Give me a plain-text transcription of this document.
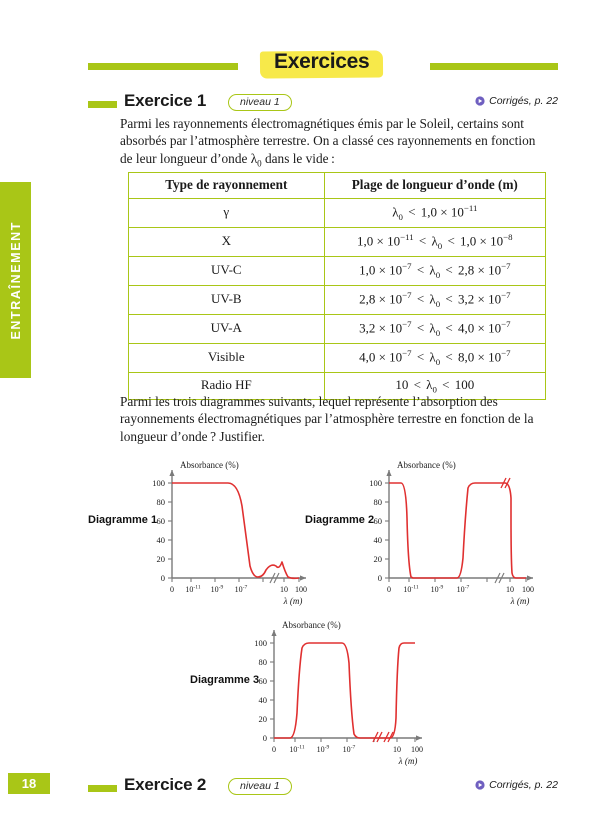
ENTRAÎNEMENT
18
Exercices
Exercice 1	niveau 1	Corrigés, p. 22
Parmi les rayonnements électromagnétiques émis par le Soleil, certains sont absorbés par l’atmosphère terrestre. On a classé ces rayonnements en fonction de leur longueur d’onde $\lambda_0$ dans le vide :
Type de rayonnement	Plage de longueur d’onde (m)
γ	$\lambda_0 < 1,0 \times 10^{-11}$
X	$1,0 \times 10^{-11} < \lambda_0 < 1,0 \times 10^{-8}$
UV-C	$1,0 \times 10^{-7} < \lambda_0 < 2,8 \times 10^{-7}$
UV-B	$2,8 \times 10^{-7} < \lambda_0 < 3,2 \times 10^{-7}$
UV-A	$3,2 \times 10^{-7} < \lambda_0 < 4,0 \times 10^{-7}$
Visible	$4,0 \times 10^{-7} < \lambda_0 < 8,0 \times 10^{-7}$
Radio HF	$10 < \lambda_0 < 100$
Parmi les trois diagrammes suivants, lequel représente l’absorption des rayonnements électromagnétiques par l’atmosphère terrestre en fonction de la longueur d’onde ? Justifier.
Diagramme 1
0
20
40
60
80
100
0 $10^{-11}$ $10^{-9}$ $10^{-7}$	10 100
λ (m)
Absorbance (%)
Diagramme 2
0
20
40
60
80
100
0 $10^{-11}$ $10^{-9}$ $10^{-7}$	10 100
λ (m)
Absorbance (%)
Diagramme 3
0
20
40
60
80
100
0 $10^{-11}$ $10^{-9}$ $10^{-7}$	10 100
λ (m)
Absorbance (%)
Exercice 2	niveau 1	Corrigés, p. 22
